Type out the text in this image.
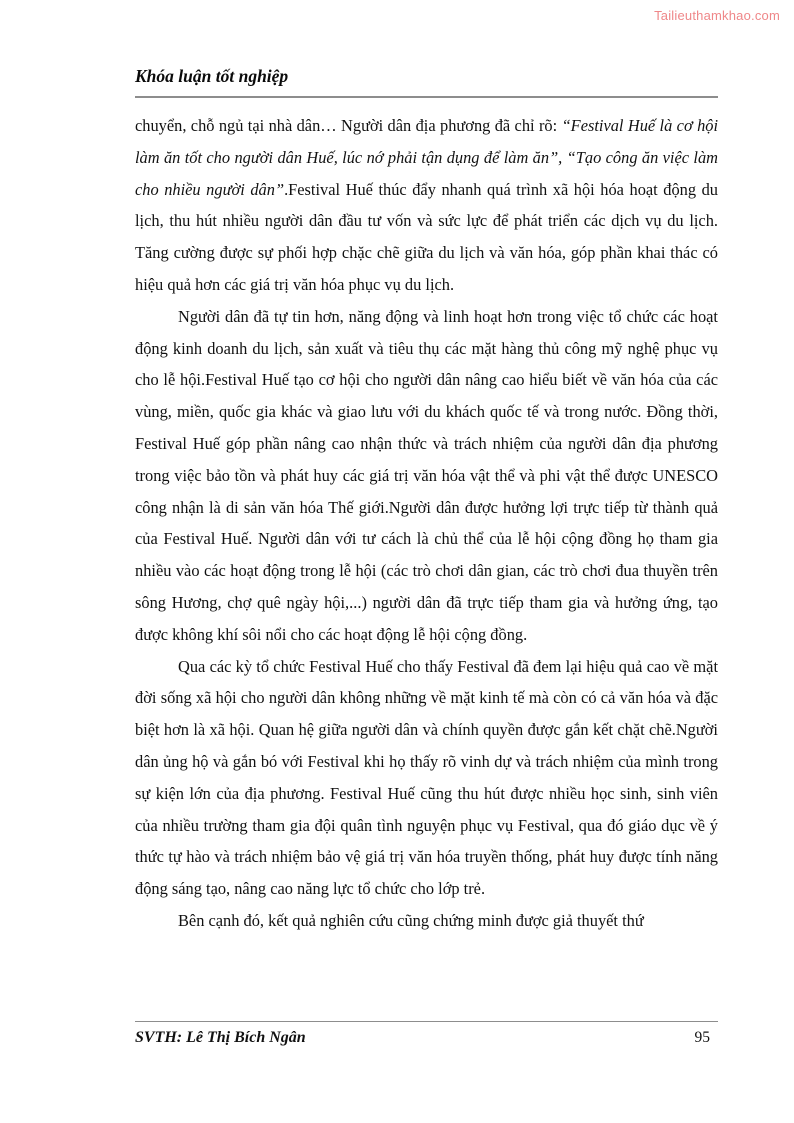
Tailieuthamkhao.com
Khóa luận tốt nghiệp

chuyển, chỗ ngủ tại nhà dân… Người dân địa phương đã chỉ rõ: “Festival Huế là cơ hội làm ăn tốt cho người dân Huế, lúc nớ phải tận dụng để làm ăn”, “Tạo công ăn việc làm cho nhiều người dân”.Festival Huế thúc đẩy nhanh quá trình xã hội hóa hoạt động du lịch, thu hút nhiều người dân đầu tư vốn và sức lực để phát triển các dịch vụ du lịch. Tăng cường được sự phối hợp chặc chẽ giữa du lịch và văn hóa, góp phần khai thác có hiệu quả hơn các giá trị văn hóa phục vụ du lịch.

Người dân đã tự tin hơn, năng động và linh hoạt hơn trong việc tổ chức các hoạt động kinh doanh du lịch, sản xuất và tiêu thụ các mặt hàng thủ công mỹ nghệ phục vụ cho lễ hội.Festival Huế tạo cơ hội cho người dân nâng cao hiểu biết về văn hóa của các vùng, miền, quốc gia khác và giao lưu với du khách quốc tế và trong nước. Đồng thời, Festival Huế góp phần nâng cao nhận thức và trách nhiệm của người dân địa phương trong việc bảo tồn và phát huy các giá trị văn hóa vật thể và phi vật thể được UNESCO công nhận là di sản văn hóa Thế giới.Người dân được hưởng lợi trực tiếp từ thành quả của Festival Huế. Người dân với tư cách là chủ thể của lễ hội cộng đồng họ tham gia nhiều vào các hoạt động trong lễ hội (các trò chơi dân gian, các trò chơi đua thuyền trên sông Hương, chợ quê ngày hội,...) người dân đã trực tiếp tham gia và hưởng ứng, tạo được không khí sôi nổi cho các hoạt động lễ hội cộng đồng.

Qua các kỳ tổ chức Festival Huế cho thấy Festival đã đem lại hiệu quả cao về mặt đời sống xã hội cho người dân không những về mặt kinh tế mà còn có cả văn hóa và đặc biệt hơn là xã hội. Quan hệ giữa người dân và chính quyền được gắn kết chặt chẽ.Người dân ủng hộ và gắn bó với Festival khi họ thấy rõ vinh dự và trách nhiệm của mình trong sự kiện lớn của địa phương. Festival Huế cũng thu hút được nhiều học sinh, sinh viên của nhiều trường tham gia đội quân tình nguyện phục vụ Festival, qua đó giáo dục về ý thức tự hào và trách nhiệm bảo vệ giá trị văn hóa truyền thống, phát huy được tính năng động sáng tạo, nâng cao năng lực tổ chức cho lớp trẻ.

Bên cạnh đó, kết quả nghiên cứu cũng chứng minh được giả thuyết thứ

SVTH: Lê Thị Bích Ngân	95
